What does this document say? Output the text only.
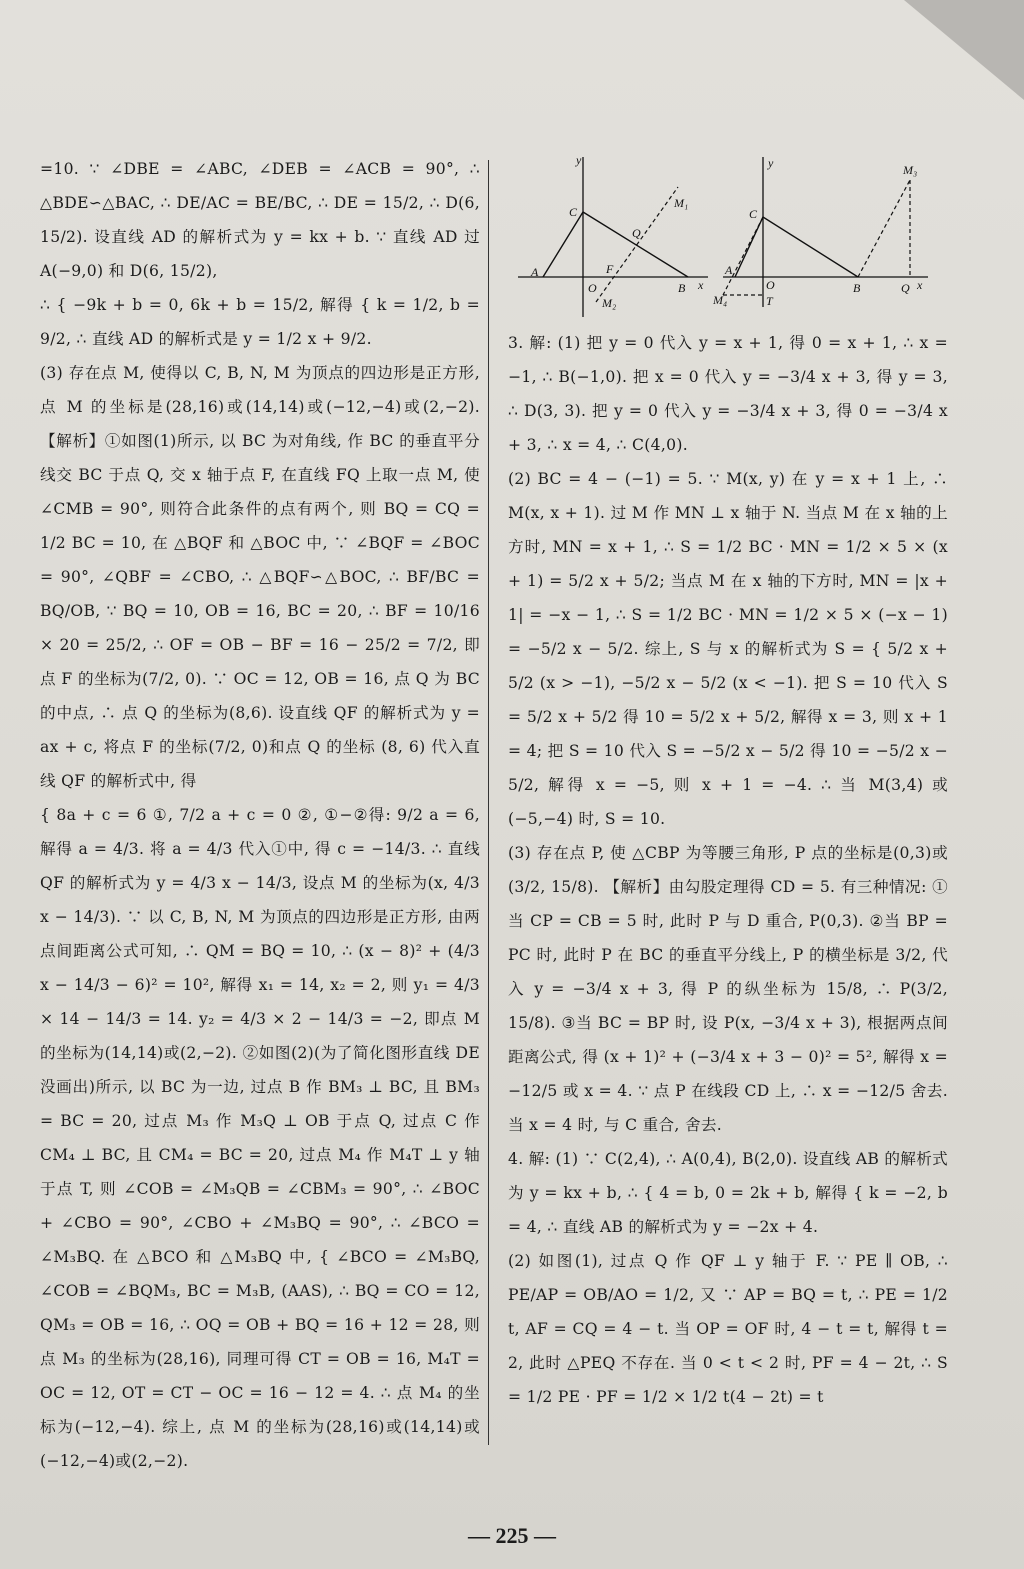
=10. ∵ ∠DBE = ∠ABC, ∠DEB = ∠ACB = 90°, ∴ △BDE∽△BAC, ∴ DE/AC = BE/BC, ∴ DE = 15/2, ∴ D(6, 15/2). 设直线 AD 的解析式为 y = kx + b. ∵ 直线 AD 过 A(−9,0) 和 D(6, 15/2),

∴ { −9k + b = 0, 6k + b = 15/2, 解得 { k = 1/2, b = 9/2, ∴ 直线 AD 的解析式是 y = 1/2 x + 9/2.

(3) 存在点 M, 使得以 C, B, N, M 为顶点的四边形是正方形, 点 M 的坐标是(28,16)或(14,14)或(−12,−4)或(2,−2). 【解析】①如图(1)所示, 以 BC 为对角线, 作 BC 的垂直平分线交 BC 于点 Q, 交 x 轴于点 F, 在直线 FQ 上取一点 M, 使 ∠CMB = 90°, 则符合此条件的点有两个, 则 BQ = CQ = 1/2 BC = 10, 在 △BQF 和 △BOC 中, ∵ ∠BQF = ∠BOC = 90°, ∠QBF = ∠CBO, ∴ △BQF∽△BOC, ∴ BF/BC = BQ/OB, ∵ BQ = 10, OB = 16, BC = 20, ∴ BF = 10/16 × 20 = 25/2, ∴ OF = OB − BF = 16 − 25/2 = 7/2, 即点 F 的坐标为(7/2, 0). ∵ OC = 12, OB = 16, 点 Q 为 BC 的中点, ∴ 点 Q 的坐标为(8,6). 设直线 QF 的解析式为 y = ax + c, 将点 F 的坐标(7/2, 0)和点 Q 的坐标 (8, 6) 代入直线 QF 的解析式中, 得

{ 8a + c = 6 ①, 7/2 a + c = 0 ②, ①−②得: 9/2 a = 6, 解得 a = 4/3. 将 a = 4/3 代入①中, 得 c = −14/3. ∴ 直线 QF 的解析式为 y = 4/3 x − 14/3, 设点 M 的坐标为(x, 4/3 x − 14/3). ∵ 以 C, B, N, M 为顶点的四边形是正方形, 由两点间距离公式可知, ∴ QM = BQ = 10, ∴ (x − 8)² + (4/3 x − 14/3 − 6)² = 10², 解得 x₁ = 14, x₂ = 2, 则 y₁ = 4/3 × 14 − 14/3 = 14. y₂ = 4/3 × 2 − 14/3 = −2, 即点 M 的坐标为(14,14)或(2,−2). ②如图(2)(为了简化图形直线 DE 没画出)所示, 以 BC 为一边, 过点 B 作 BM₃ ⊥ BC, 且 BM₃ = BC = 20, 过点 M₃ 作 M₃Q ⊥ OB 于点 Q, 过点 C 作 CM₄ ⊥ BC, 且 CM₄ = BC = 20, 过点 M₄ 作 M₄T ⊥ y 轴于点 T, 则 ∠COB = ∠M₃QB = ∠CBM₃ = 90°, ∴ ∠BOC + ∠CBO = 90°, ∠CBO + ∠M₃BQ = 90°, ∴ ∠BCO = ∠M₃BQ. 在 △BCO 和 △M₃BQ 中, { ∠BCO = ∠M₃BQ, ∠COB = ∠BQM₃, BC = M₃B, (AAS), ∴ BQ = CO = 12, QM₃ = OB = 16, ∴ OQ = OB + BQ = 16 + 12 = 28, 则点 M₃ 的坐标为(28,16), 同理可得 CT = OB = 16, M₄T = OC = 12, OT = CT − OC = 16 − 12 = 4. ∴ 点 M₄ 的坐标为(−12,−4). 综上, 点 M 的坐标为(28,16)或(14,14)或(−12,−4)或(2,−2).

y
x
C
Q
M₁
A	F
O	B
M₂
y
x
M₃
C
A
O	B	Q
M₄	T

3. 解: (1) 把 y = 0 代入 y = x + 1, 得 0 = x + 1, ∴ x = −1, ∴ B(−1,0). 把 x = 0 代入 y = −3/4 x + 3, 得 y = 3, ∴ D(3, 3). 把 y = 0 代入 y = −3/4 x + 3, 得 0 = −3/4 x + 3, ∴ x = 4, ∴ C(4,0).

(2) BC = 4 − (−1) = 5. ∵ M(x, y) 在 y = x + 1 上, ∴ M(x, x + 1). 过 M 作 MN ⊥ x 轴于 N. 当点 M 在 x 轴的上方时, MN = x + 1, ∴ S = 1/2 BC · MN = 1/2 × 5 × (x + 1) = 5/2 x + 5/2; 当点 M 在 x 轴的下方时, MN = |x + 1| = −x − 1, ∴ S = 1/2 BC · MN = 1/2 × 5 × (−x − 1) = −5/2 x − 5/2. 综上, S 与 x 的解析式为 S = { 5/2 x + 5/2 (x > −1), −5/2 x − 5/2 (x < −1). 把 S = 10 代入 S = 5/2 x + 5/2 得 10 = 5/2 x + 5/2, 解得 x = 3, 则 x + 1 = 4; 把 S = 10 代入 S = −5/2 x − 5/2 得 10 = −5/2 x − 5/2, 解得 x = −5, 则 x + 1 = −4. ∴ 当 M(3,4) 或 (−5,−4) 时, S = 10.

(3) 存在点 P, 使 △CBP 为等腰三角形, P 点的坐标是(0,3)或(3/2, 15/8). 【解析】由勾股定理得 CD = 5. 有三种情况: ①当 CP = CB = 5 时, 此时 P 与 D 重合, P(0,3). ②当 BP = PC 时, 此时 P 在 BC 的垂直平分线上, P 的横坐标是 3/2, 代入 y = −3/4 x + 3, 得 P 的纵坐标为 15/8, ∴ P(3/2, 15/8). ③当 BC = BP 时, 设 P(x, −3/4 x + 3), 根据两点间距离公式, 得 (x + 1)² + (−3/4 x + 3 − 0)² = 5², 解得 x = −12/5 或 x = 4. ∵ 点 P 在线段 CD 上, ∴ x = −12/5 舍去. 当 x = 4 时, 与 C 重合, 舍去.

4. 解: (1) ∵ C(2,4), ∴ A(0,4), B(2,0). 设直线 AB 的解析式为 y = kx + b, ∴ { 4 = b, 0 = 2k + b, 解得 { k = −2, b = 4, ∴ 直线 AB 的解析式为 y = −2x + 4.

(2) 如图(1), 过点 Q 作 QF ⊥ y 轴于 F. ∵ PE ∥ OB, ∴ PE/AP = OB/AO = 1/2, 又 ∵ AP = BQ = t, ∴ PE = 1/2 t, AF = CQ = 4 − t. 当 OP = OF 时, 4 − t = t, 解得 t = 2, 此时 △PEQ 不存在. 当 0 < t < 2 时, PF = 4 − 2t, ∴ S = 1/2 PE · PF = 1/2 × 1/2 t(4 − 2t) = t

— 225 —
